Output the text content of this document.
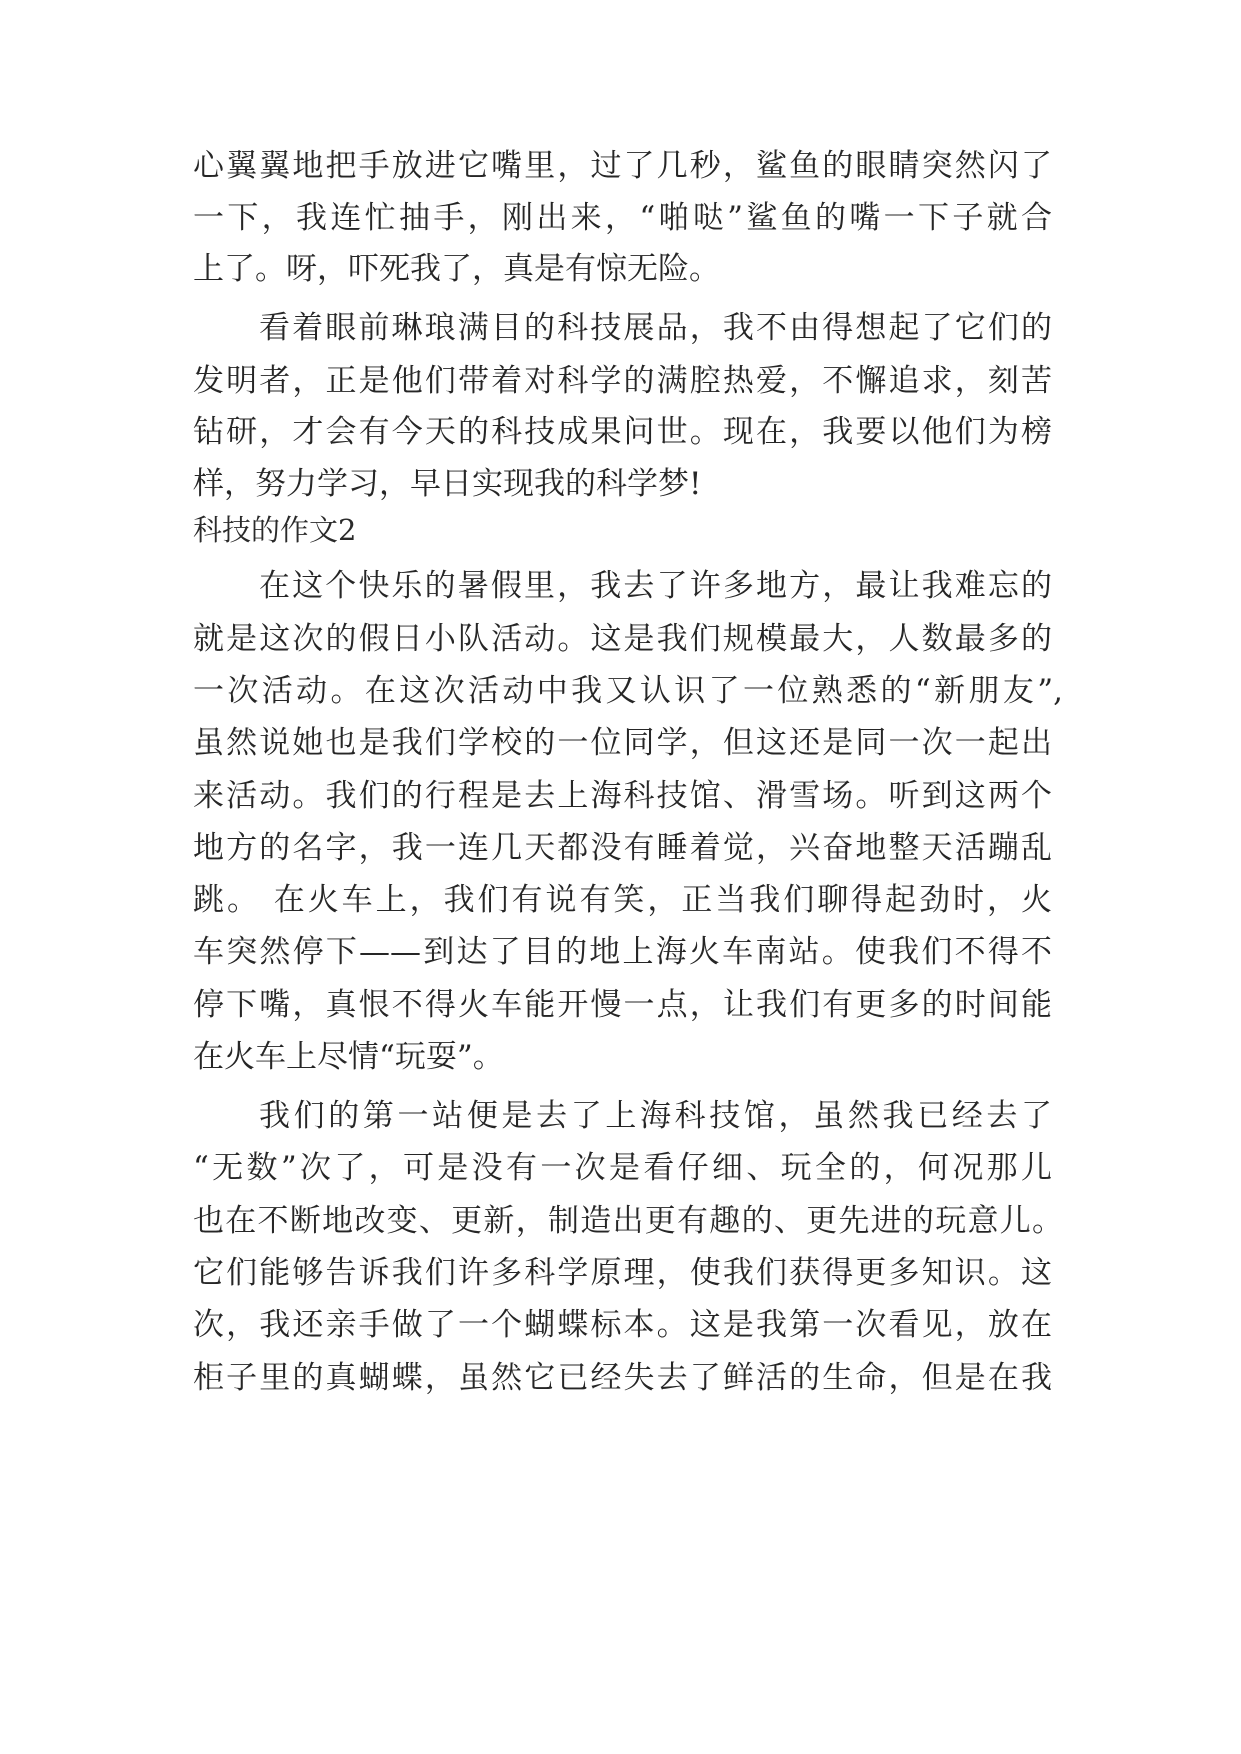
心翼翼地把手放进它嘴里，过了几秒，鲨鱼的眼睛突然闪了
一下，我连忙抽手，刚出来，“啪哒”鲨鱼的嘴一下子就合
上了。呀，吓死我了，真是有惊无险。
看着眼前琳琅满目的科技展品，我不由得想起了它们的
发明者，正是他们带着对科学的满腔热爱，不懈追求，刻苦
钻研，才会有今天的科技成果问世。现在，我要以他们为榜
样，努力学习，早日实现我的科学梦!
科技的作文2
在这个快乐的暑假里，我去了许多地方，最让我难忘的
就是这次的假日小队活动。这是我们规模最大，人数最多的
一次活动。在这次活动中我又认识了一位熟悉的“新朋友”,
虽然说她也是我们学校的一位同学，但这还是同一次一起出
来活动。我们的行程是去上海科技馆、滑雪场。听到这两个
地方的名字，我一连几天都没有睡着觉，兴奋地整天活蹦乱
跳。 在火车上，我们有说有笑，正当我们聊得起劲时，火
车突然停下——到达了目的地上海火车南站。使我们不得不
停下嘴，真恨不得火车能开慢一点，让我们有更多的时间能
在火车上尽情“玩耍”。
我们的第一站便是去了上海科技馆，虽然我已经去了
“无数”次了，可是没有一次是看仔细、玩全的，何况那儿
也在不断地改变、更新，制造出更有趣的、更先进的玩意儿。
它们能够告诉我们许多科学原理，使我们获得更多知识。这
次，我还亲手做了一个蝴蝶标本。这是我第一次看见，放在
柜子里的真蝴蝶，虽然它已经失去了鲜活的生命，但是在我
